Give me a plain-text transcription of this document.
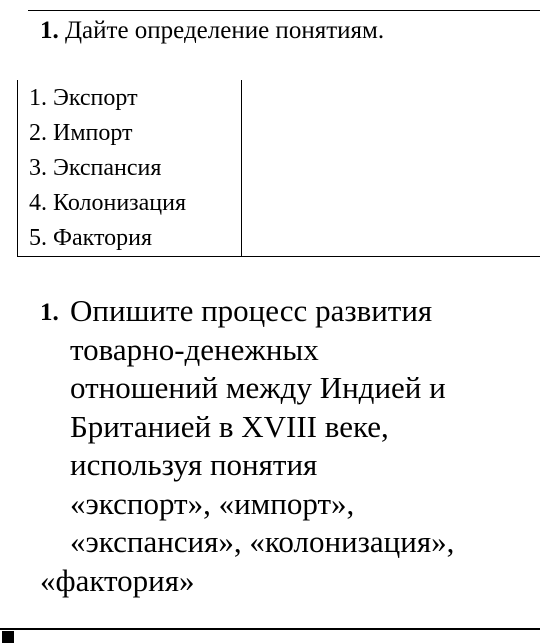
1. Дайте определение понятиям.
1. Экспорт
2. Импорт
3. Экспансия
4. Колонизация
5. Фактория
1. Опишите процесс развития
товарно-денежных
отношений между Индией и
Британией в XVIII веке,
используя понятия
«экспорт», «импорт»,
«экспансия», «колонизация»,
«фактория»
